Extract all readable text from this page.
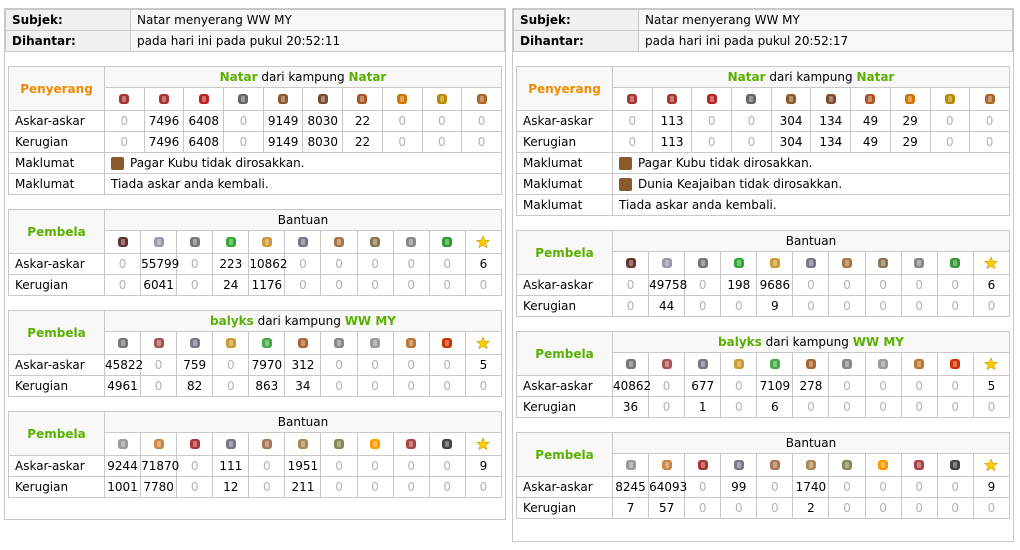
Subjek:	Natar menyerang WW MY
Dihantar:	pada hari ini pada pukul 20:52:11
Penyerang	Natar dari kampung Natar									

Askar-askar	0	7496	6408	0	9149	8030	22	0	0	0
Kerugian	0	7496	6408	0	9149	8030	22	0	0	0
Maklumat	Pagar Kubu tidak dirosakkan.									
Maklumat	Tiada askar anda kembali.									
Pembela	Bantuan										

Askar-askar	0	55799	0	223	10862	0	0	0	0	0	6
Kerugian	0	6041	0	24	1176	0	0	0	0	0	0
Pembela	balyks dari kampung WW MY										

Askar-askar	45822	0	759	0	7970	312	0	0	0	0	5
Kerugian	4961	0	82	0	863	34	0	0	0	0	0
Pembela	Bantuan										

Askar-askar	9244	71870	0	111	0	1951	0	0	0	0	9
Kerugian	1001	7780	0	12	0	211	0	0	0	0	0
Subjek:	Natar menyerang WW MY
Dihantar:	pada hari ini pada pukul 20:52:17
Penyerang	Natar dari kampung Natar									

Askar-askar	0	113	0	0	304	134	49	29	0	0
Kerugian	0	113	0	0	304	134	49	29	0	0
Maklumat	Pagar Kubu tidak dirosakkan.									
Maklumat	Dunia Keajaiban tidak dirosakkan.									
Maklumat	Tiada askar anda kembali.									
Pembela	Bantuan										

Askar-askar	0	49758	0	198	9686	0	0	0	0	0	6
Kerugian	0	44	0	0	9	0	0	0	0	0	0
Pembela	balyks dari kampung WW MY										

Askar-askar	40862	0	677	0	7109	278	0	0	0	0	5
Kerugian	36	0	1	0	6	0	0	0	0	0	0
Pembela	Bantuan										

Askar-askar	8245	64093	0	99	0	1740	0	0	0	0	9
Kerugian	7	57	0	0	0	2	0	0	0	0	0
